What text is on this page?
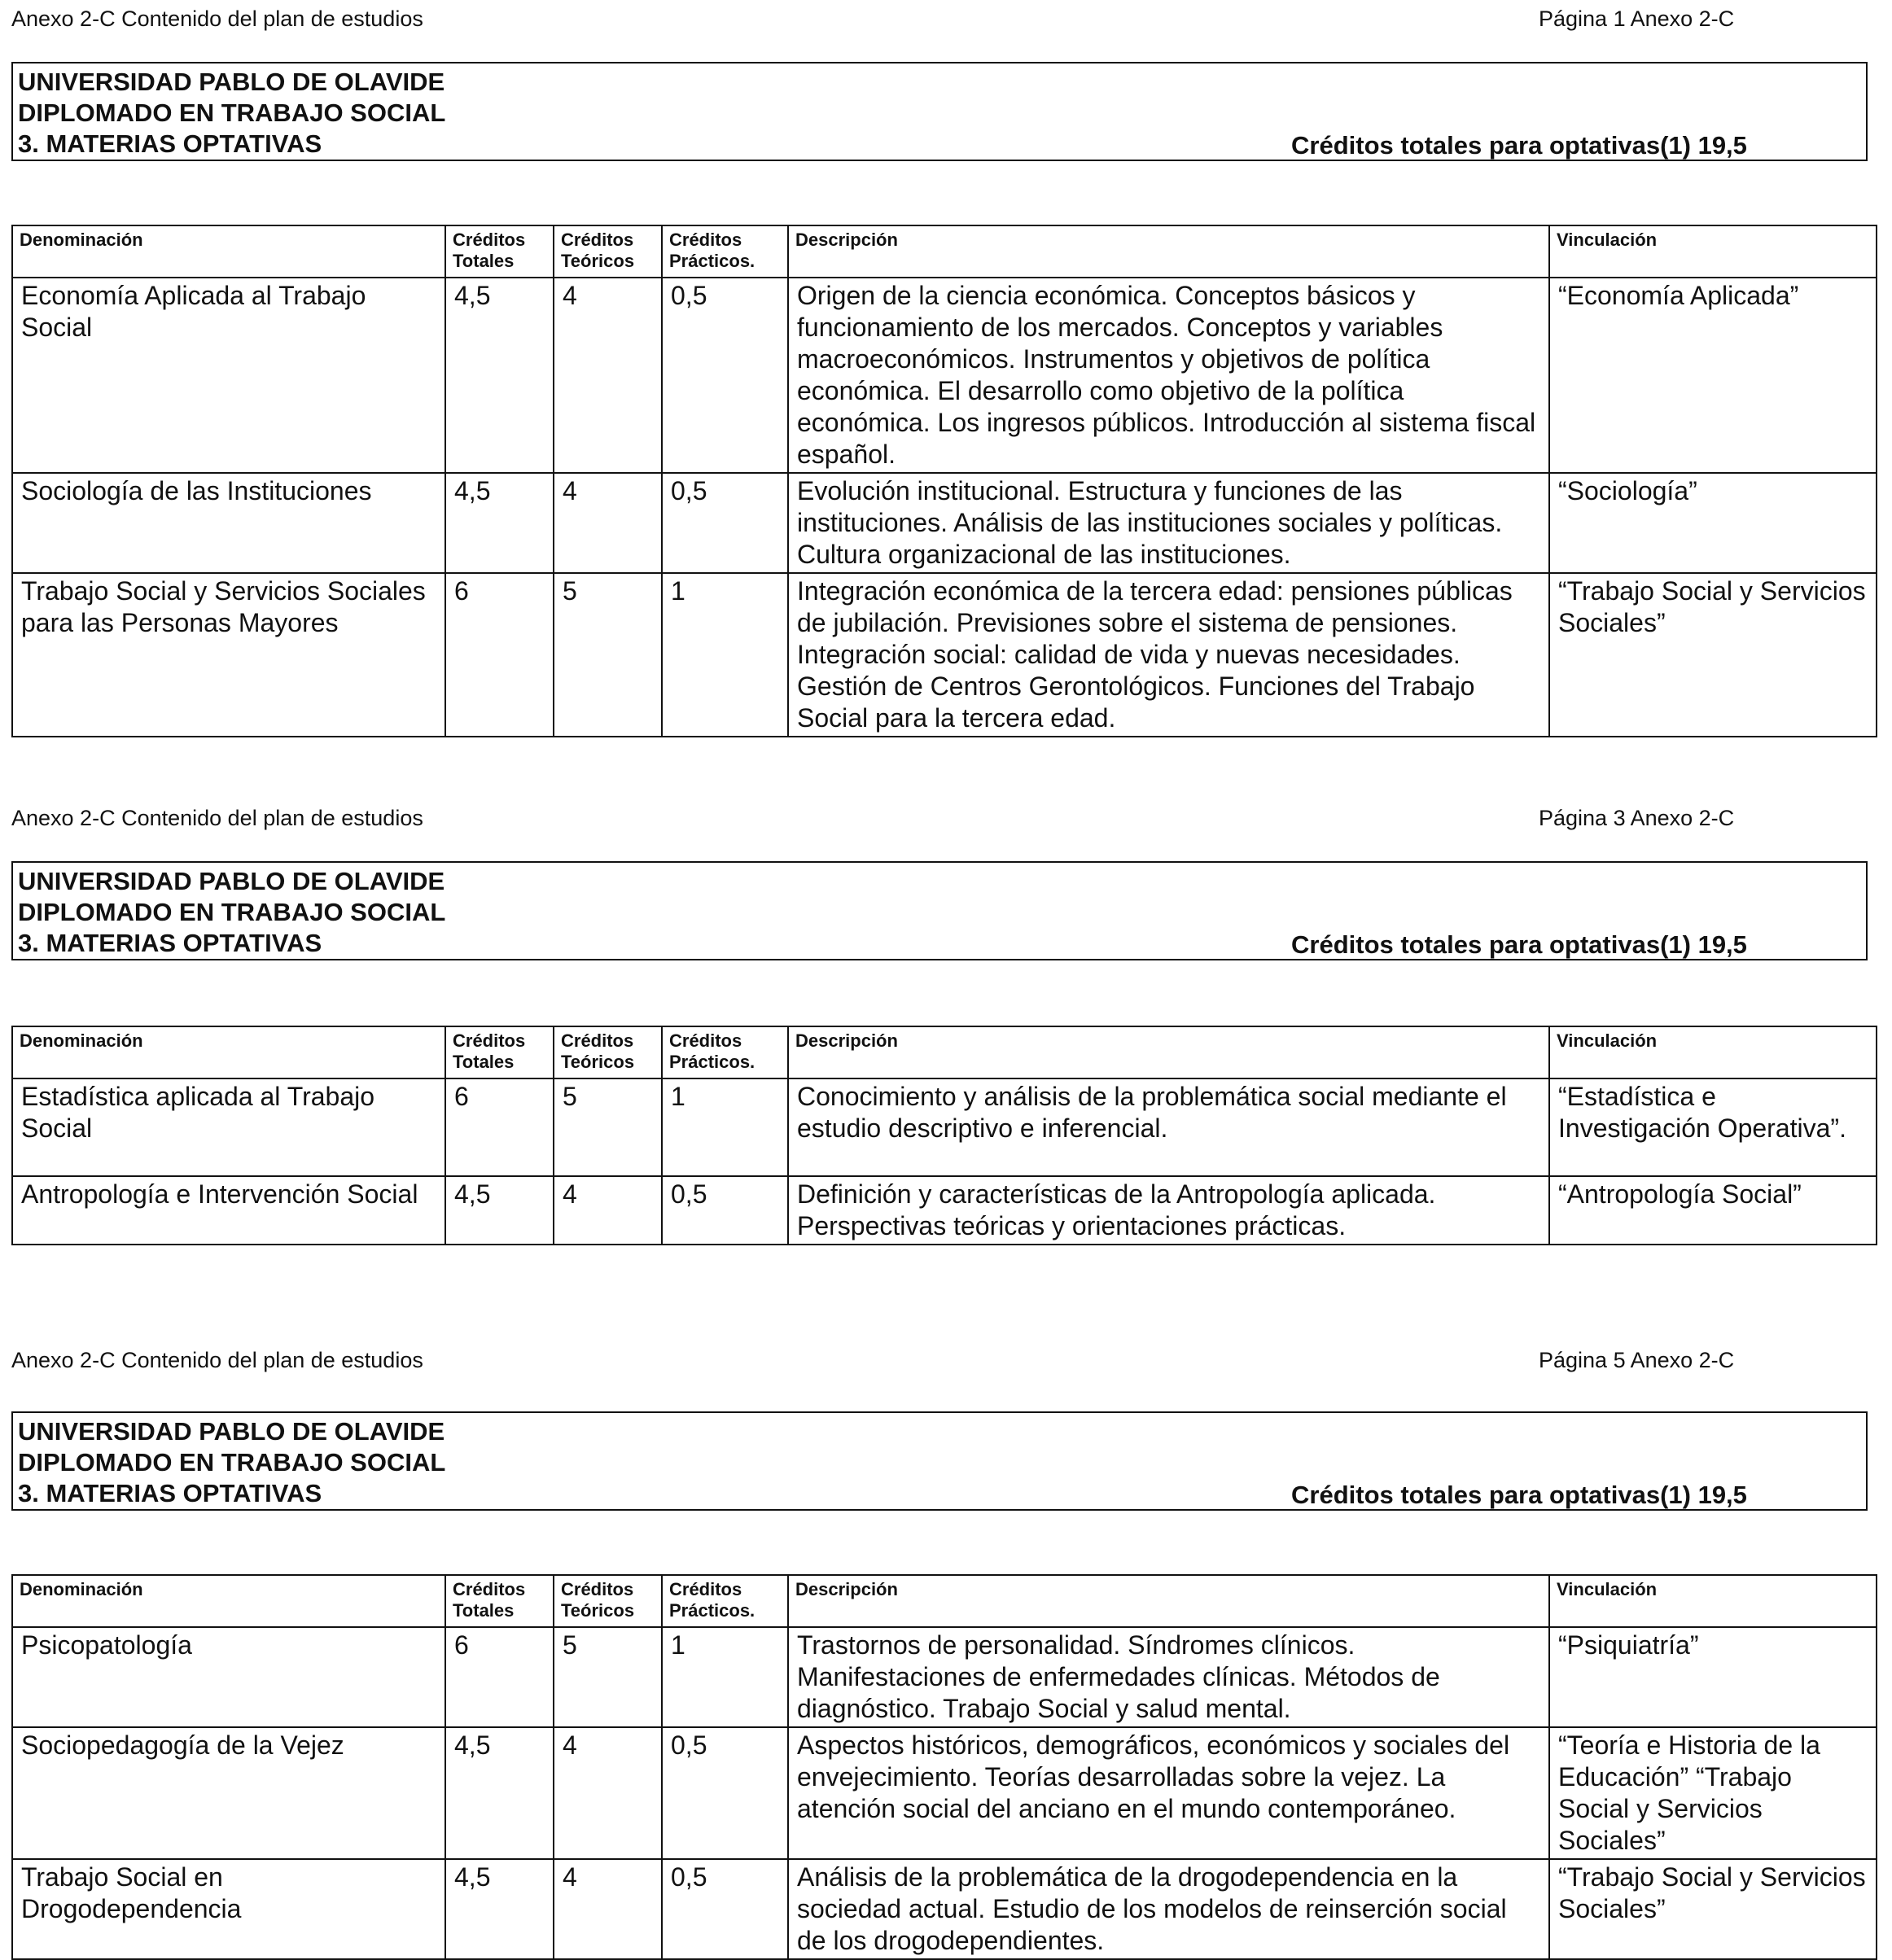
Anexo 2-C Contenido del plan de estudios	Página 1 Anexo 2-C
UNIVERSIDAD PABLO DE OLAVIDE
DIPLOMADO EN TRABAJO SOCIAL
3. MATERIAS OPTATIVAS	Créditos totales para optativas(1) 19,5
Denominación	Créditos Totales	Créditos Teóricos	Créditos Prácticos.	Descripción	Vinculación
Economía Aplicada al Trabajo Social	4,5	4	0,5	Origen de la ciencia económica. Conceptos básicos y funcionamiento de los mercados. Conceptos y variables macroeconómicos. Instrumentos y objetivos de política económica. El desarrollo como objetivo de la política económica. Los ingresos públicos. Introducción al sistema fiscal español.	“Economía Aplicada”
Sociología de las Instituciones	4,5	4	0,5	Evolución institucional. Estructura y funciones de las instituciones. Análisis de las instituciones sociales y políticas. Cultura organizacional de las instituciones.	“Sociología”
Trabajo Social y Servicios Sociales para las Personas Mayores	6	5	1	Integración económica de la tercera edad: pensiones públicas de jubilación. Previsiones sobre el sistema de pensiones. Integración social: calidad de vida y nuevas necesidades. Gestión de Centros Gerontológicos. Funciones del Trabajo Social para la tercera edad.	“Trabajo Social y Servicios Sociales”
Anexo 2-C Contenido del plan de estudios	Página 3 Anexo 2-C
UNIVERSIDAD PABLO DE OLAVIDE
DIPLOMADO EN TRABAJO SOCIAL
3. MATERIAS OPTATIVAS	Créditos totales para optativas(1) 19,5
Denominación	Créditos Totales	Créditos Teóricos	Créditos Prácticos.	Descripción	Vinculación
Estadística aplicada al Trabajo Social	6	5	1	Conocimiento y análisis de la problemática social mediante el estudio descriptivo e inferencial.	“Estadística e Investigación Operativa”.
Antropología e Intervención Social	4,5	4	0,5	Definición y características de la Antropología aplicada. Perspectivas teóricas y orientaciones prácticas.	“Antropología Social”
Anexo 2-C Contenido del plan de estudios	Página 5 Anexo 2-C
UNIVERSIDAD PABLO DE OLAVIDE
DIPLOMADO EN TRABAJO SOCIAL
3. MATERIAS OPTATIVAS	Créditos totales para optativas(1) 19,5
Denominación	Créditos Totales	Créditos Teóricos	Créditos Prácticos.	Descripción	Vinculación
Psicopatología	6	5	1	Trastornos de personalidad. Síndromes clínicos. Manifestaciones de enfermedades clínicas. Métodos de diagnóstico. Trabajo Social y salud mental.	“Psiquiatría”
Sociopedagogía de la Vejez	4,5	4	0,5	Aspectos históricos, demográficos, económicos y sociales del envejecimiento. Teorías desarrolladas sobre la vejez. La atención social del anciano en el mundo contemporáneo.	“Teoría e Historia de la Educación” “Trabajo Social y Servicios Sociales”
Trabajo Social en Drogodependencia	4,5	4	0,5	Análisis de la problemática de la drogodependencia en la sociedad actual. Estudio de los modelos de reinserción social de los drogodependientes.	“Trabajo Social y Servicios Sociales”
